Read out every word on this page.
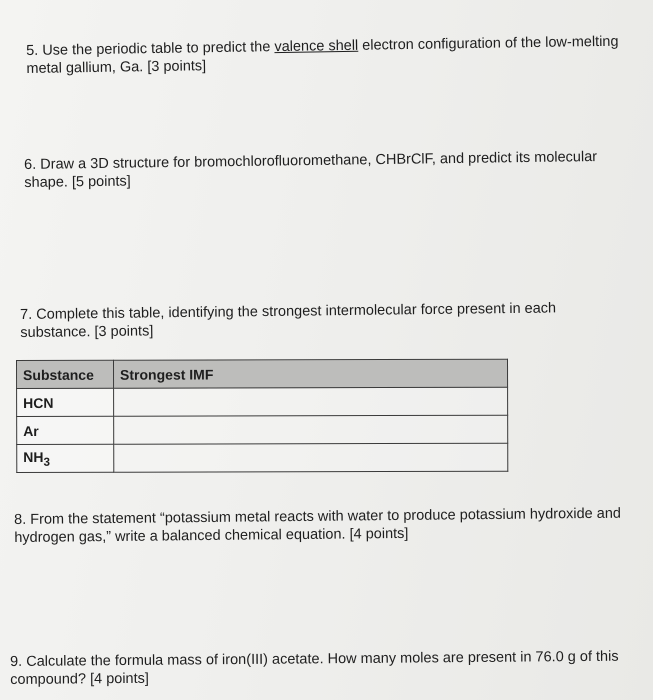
5. Use the periodic table to predict the valence shell electron configuration of the low-melting metal gallium, Ga. [3 points]

6. Draw a 3D structure for bromochlorofluoromethane, CHBrClF, and predict its molecular shape. [5 points]

7. Complete this table, identifying the strongest intermolecular force present in each substance. [3 points]

Substance	Strongest IMF
HCN	
Ar	
$NH_3$	

8. From the statement “potassium metal reacts with water to produce potassium hydroxide and hydrogen gas,” write a balanced chemical equation. [4 points]

9. Calculate the formula mass of iron(III) acetate. How many moles are present in 76.0 g of this compound? [4 points]
